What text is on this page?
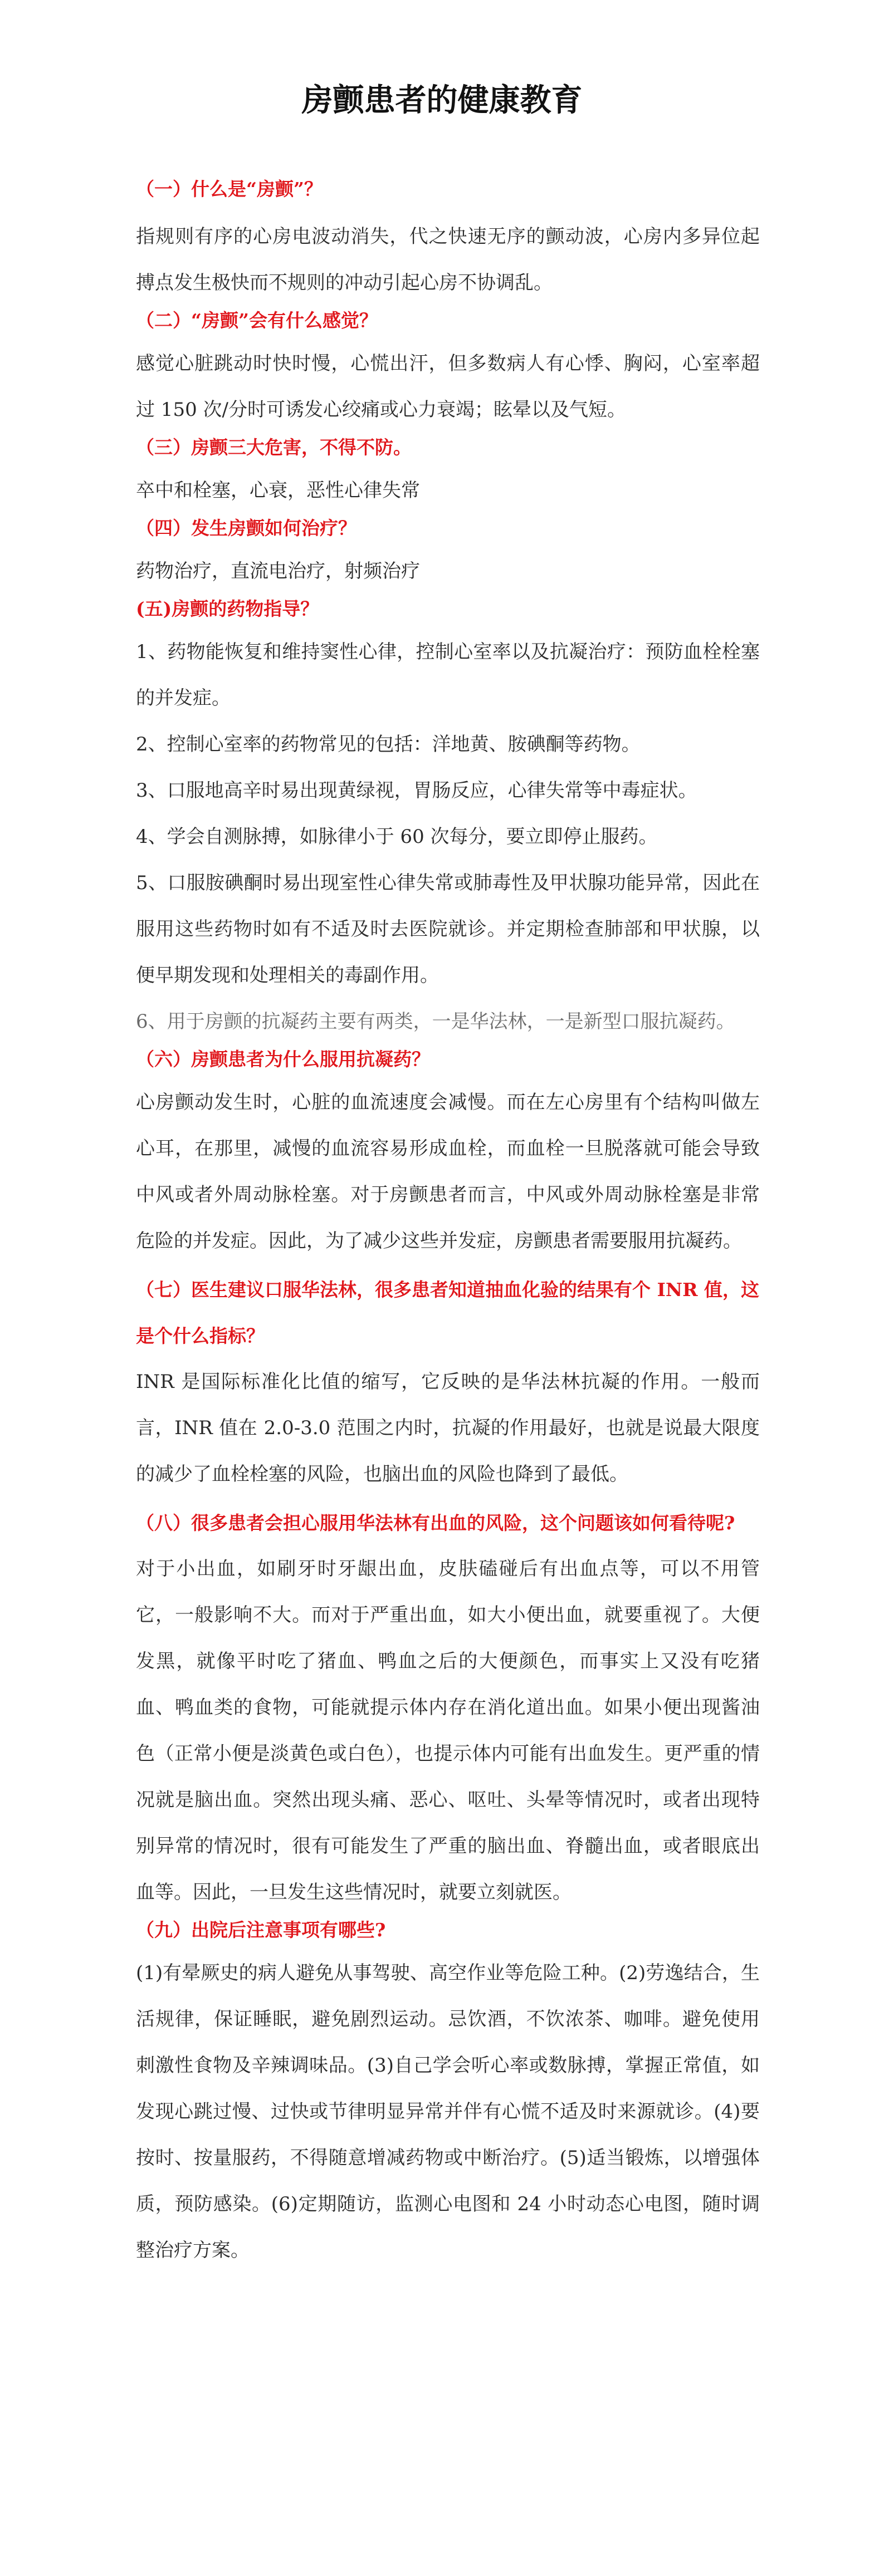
房颤患者的健康教育

（一）什么是“房颤”？

指规则有序的心房电波动消失，代之快速无序的颤动波，心房内多异位起搏点发生极快而不规则的冲动引起心房不协调乱。

（二）“房颤”会有什么感觉？

感觉心脏跳动时快时慢，心慌出汗，但多数病人有心悸、胸闷，心室率超过 150 次/分时可诱发心绞痛或心力衰竭；眩晕以及气短。

（三）房颤三大危害，不得不防。

卒中和栓塞，心衰，恶性心律失常

（四）发生房颤如何治疗？

药物治疗，直流电治疗，射频治疗

(五)房颤的药物指导？

1、药物能恢复和维持窦性心律，控制心室率以及抗凝治疗：预防血栓栓塞的并发症。

2、控制心室率的药物常见的包括：洋地黄、胺碘酮等药物。

3、口服地高辛时易出现黄绿视，胃肠反应，心律失常等中毒症状。

4、学会自测脉搏，如脉律小于 60 次每分，要立即停止服药。

5、口服胺碘酮时易出现室性心律失常或肺毒性及甲状腺功能异常，因此在服用这些药物时如有不适及时去医院就诊。并定期检查肺部和甲状腺，以便早期发现和处理相关的毒副作用。

6、用于房颤的抗凝药主要有两类，一是华法林，一是新型口服抗凝药。

（六）房颤患者为什么服用抗凝药？

心房颤动发生时，心脏的血流速度会减慢。而在左心房里有个结构叫做左心耳，在那里，减慢的血流容易形成血栓，而血栓一旦脱落就可能会导致中风或者外周动脉栓塞。对于房颤患者而言，中风或外周动脉栓塞是非常危险的并发症。因此，为了减少这些并发症，房颤患者需要服用抗凝药。

（七）医生建议口服华法林，很多患者知道抽血化验的结果有个 INR 值，这是个什么指标？

INR 是国际标准化比值的缩写，它反映的是华法林抗凝的作用。一般而言，INR 值在 2.0-3.0 范围之内时，抗凝的作用最好，也就是说最大限度的减少了血栓栓塞的风险，也脑出血的风险也降到了最低。

（八）很多患者会担心服用华法林有出血的风险，这个问题该如何看待呢?

对于小出血，如刷牙时牙龈出血，皮肤磕碰后有出血点等，可以不用管它，一般影响不大。而对于严重出血，如大小便出血，就要重视了。大便发黑，就像平时吃了猪血、鸭血之后的大便颜色，而事实上又没有吃猪血、鸭血类的食物，可能就提示体内存在消化道出血。如果小便出现酱油色（正常小便是淡黄色或白色），也提示体内可能有出血发生。更严重的情况就是脑出血。突然出现头痛、恶心、呕吐、头晕等情况时，或者出现特别异常的情况时，很有可能发生了严重的脑出血、脊髓出血，或者眼底出血等。因此，一旦发生这些情况时，就要立刻就医。

（九）出院后注意事项有哪些?

(1)有晕厥史的病人避免从事驾驶、高空作业等危险工种。(2)劳逸结合，生活规律，保证睡眠，避免剧烈运动。忌饮酒，不饮浓茶、咖啡。避免使用刺激性食物及辛辣调味品。(3)自己学会听心率或数脉搏，掌握正常值，如发现心跳过慢、过快或节律明显异常并伴有心慌不适及时来源就诊。(4)要按时、按量服药，不得随意增减药物或中断治疗。(5)适当锻炼，以增强体质，预防感染。(6)定期随访，监测心电图和 24 小时动态心电图，随时调整治疗方案。
